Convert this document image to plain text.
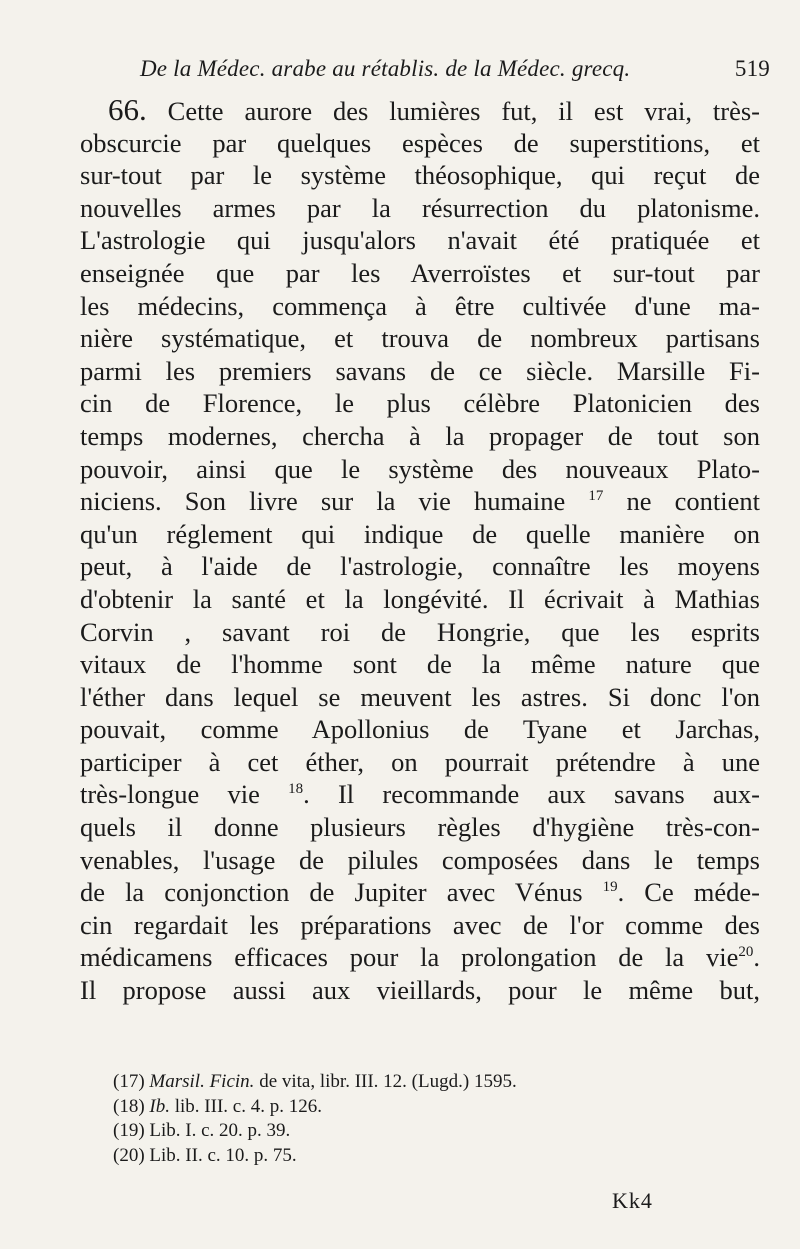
De la Médec. arabe au rétablis. de la Médec. grecq.	519
66. Cette aurore des lumières fut, il est vrai, très-
obscurcie par quelques espèces de superstitions, et
sur-tout par le système théosophique, qui reçut de
nouvelles armes par la résurrection du platonisme.
L'astrologie qui jusqu'alors n'avait été pratiquée et
enseignée que par les Averroïstes et sur-tout par
les médecins, commença à être cultivée d'une ma-
nière systématique, et trouva de nombreux partisans
parmi les premiers savans de ce siècle. Marsille Fi-
cin de Florence, le plus célèbre Platonicien des
temps modernes, chercha à la propager de tout son
pouvoir, ainsi que le système des nouveaux Plato-
niciens. Son livre sur la vie humaine $^{17}$ ne contient
qu'un réglement qui indique de quelle manière on
peut, à l'aide de l'astrologie, connaître les moyens
d'obtenir la santé et la longévité. Il écrivait à Mathias
Corvin , savant roi de Hongrie, que les esprits
vitaux de l'homme sont de la même nature que
l'éther dans lequel se meuvent les astres. Si donc l'on
pouvait, comme Apollonius de Tyane et Jarchas,
participer à cet éther, on pourrait prétendre à une
très-longue vie $^{18}$. Il recommande aux savans aux-
quels il donne plusieurs règles d'hygiène très-con-
venables, l'usage de pilules composées dans le temps
de la conjonction de Jupiter avec Vénus $^{19}$. Ce méde-
cin regardait les préparations avec de l'or comme des
médicamens efficaces pour la prolongation de la vie$^{20}$.
Il propose aussi aux vieillards, pour le même but,
(17) Marsil. Ficin. de vita, libr. III. 12. (Lugd.) 1595.
(18) Ib. lib. III. c. 4. p. 126.
(19) Lib. I. c. 20. p. 39.
(20) Lib. II. c. 10. p. 75.
Kk4
